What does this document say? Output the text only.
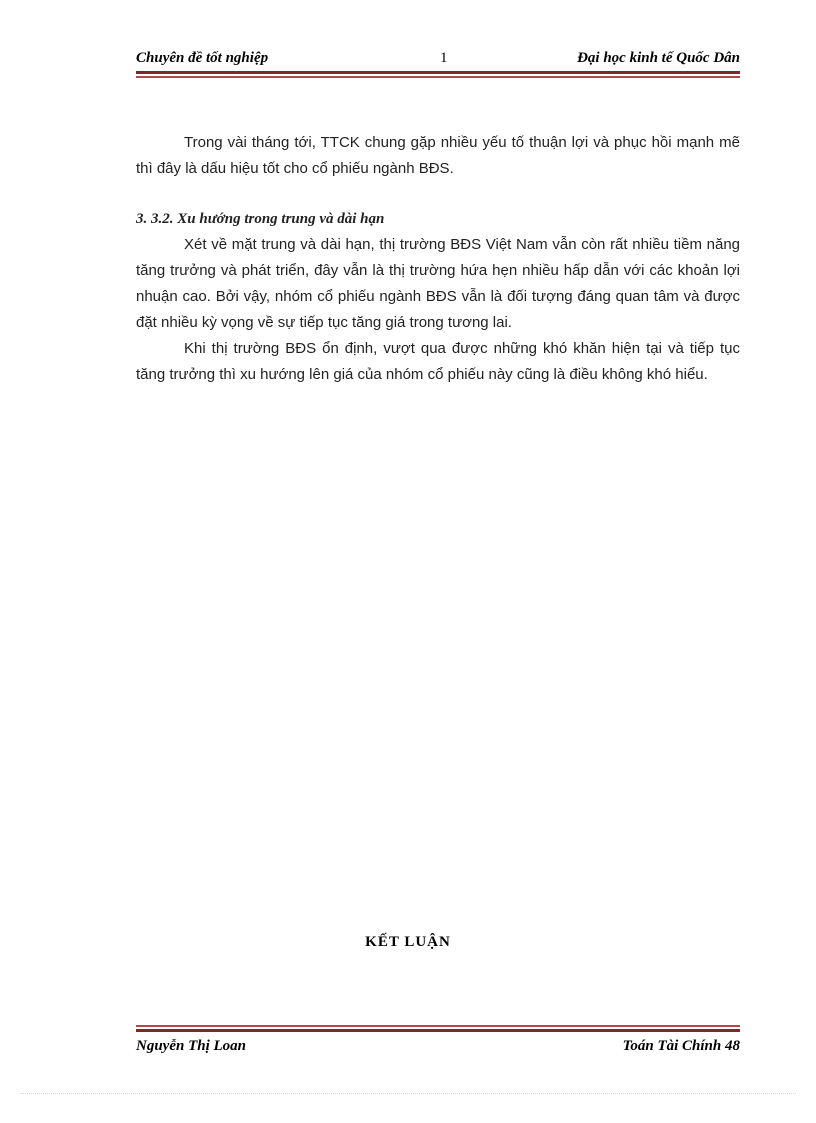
Chuyên đề tốt nghiệp	1	Đại học kinh tế Quốc Dân

Trong vài tháng tới, TTCK chung gặp nhiều yếu tố thuận lợi và phục hồi mạnh mẽ thì đây là dấu hiệu tốt cho cổ phiếu ngành BĐS.

3. 3.2. Xu hướng trong trung và dài hạn

Xét về mặt trung và dài hạn, thị trường BĐS Việt Nam vẫn còn rất nhiều tiềm năng tăng trưởng và phát triển, đây vẫn là thị trường hứa hẹn nhiều hấp dẫn với các khoản lợi nhuận cao. Bởi vậy, nhóm cổ phiếu ngành BĐS vẫn là đối tượng đáng quan tâm và được đặt nhiều kỳ vọng về sự tiếp tục tăng giá trong tương lai.

Khi thị trường BĐS ổn định, vượt qua được những khó khăn hiện tại và tiếp tục tăng trưởng thì xu hướng lên giá của nhóm cổ phiếu này cũng là điều không khó hiểu.

KẾT LUẬN
Nguyễn Thị Loan	Toán Tài Chính 48
